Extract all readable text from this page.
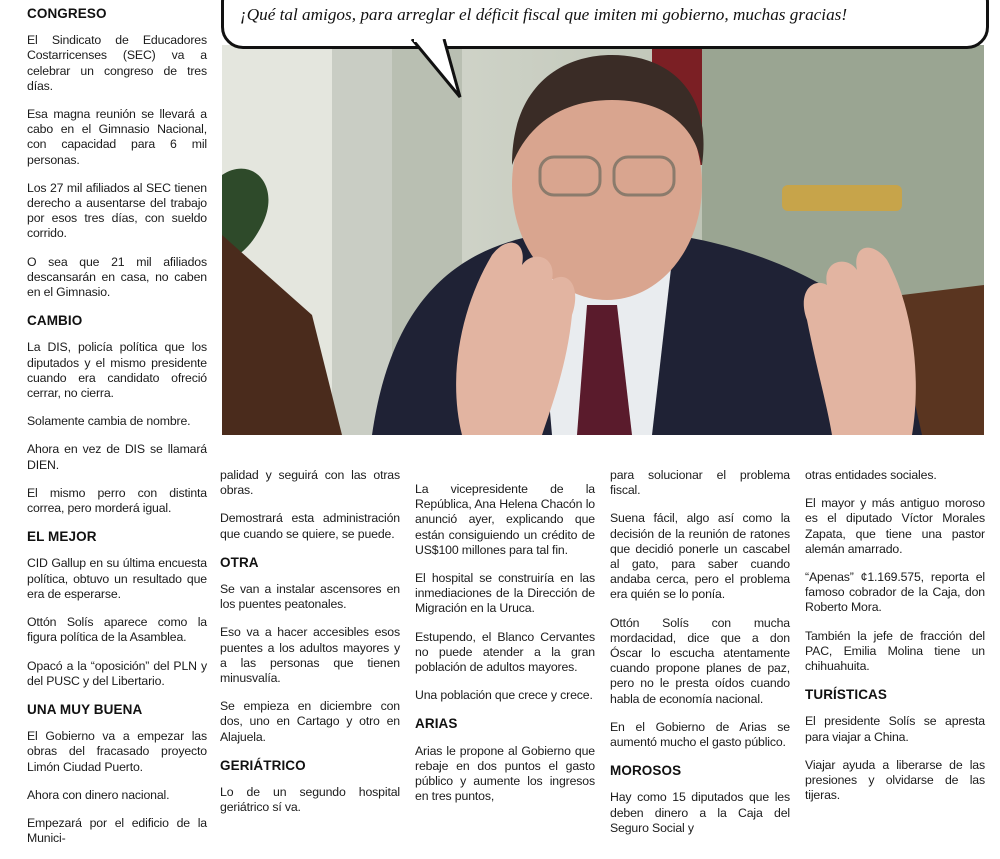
CONGRESO

El Sindicato de Educadores Costarricenses (SEC) va a celebrar un congreso de tres días.

Esa magna reunión se llevará a cabo en el Gimnasio Nacional, con capacidad para 6 mil personas.

Los 27 mil afiliados al SEC tienen derecho a ausentarse del trabajo por esos tres días, con sueldo corrido.

O sea que 21 mil afiliados descansarán en casa, no caben en el Gimnasio.

CAMBIO

La DIS, policía política que los diputados y el mismo presidente cuando era candidato ofreció cerrar, no cierra.

Solamente cambia de nombre.

Ahora en vez de DIS se llamará DIEN.

El mismo perro con distinta correa, pero morderá igual.

EL MEJOR

CID Gallup en su última encuesta política, obtuvo un resultado que era de esperarse.

Ottón Solís aparece como la figura política de la Asamblea.

Opacó a la “oposición” del PLN y del PUSC y del Libertario.

UNA MUY BUENA

El Gobierno va a empezar las obras del fracasado proyecto Limón Ciudad Puerto.

Ahora con dinero nacional.

Empezará por el edificio de la Munici-

¡Qué tal amigos, para arreglar el déficit fiscal que imiten mi gobierno, muchas gracias!

palidad y seguirá con las otras obras.

Demostrará esta administración que cuando se quiere, se puede.

OTRA

Se van a instalar ascensores en los puentes peatonales.

Eso va a hacer accesibles esos puentes a los adultos mayores y a las personas que tienen minusvalía.

Se empieza en diciembre con dos, uno en Cartago y otro en Alajuela.

GERIÁTRICO

Lo de un segundo hospital geriátrico sí va.

La vicepresidente de la República, Ana Helena Chacón lo anunció ayer, explicando que están consiguiendo un crédito de US$100 millones para tal fin.

El hospital se construiría en las inmediaciones de la Dirección de Migración en la Uruca.

Estupendo, el Blanco Cervantes no puede atender a la gran población de adultos mayores.

Una población que crece y crece.

ARIAS

Arias le propone al Gobierno que rebaje en dos puntos el gasto público y aumente los ingresos en tres puntos,

para solucionar el problema fiscal.

Suena fácil, algo así como la decisión de la reunión de ratones que decidió ponerle un cascabel al gato, para saber cuando andaba cerca, pero el problema era quién se lo ponía.

Ottón Solís con mucha mordacidad, dice que a don Óscar lo escucha atentamente cuando propone planes de paz, pero no le presta oídos cuando habla de economía nacional.

En el Gobierno de Arias se aumentó mucho el gasto público.

MOROSOS

Hay como 15 diputados que les deben dinero a la Caja del Seguro Social y

otras entidades sociales.

El mayor y más antiguo moroso es el diputado Víctor Morales Zapata, que tiene una pastor alemán amarrado.

“Apenas” ¢1.169.575, reporta el famoso cobrador de la Caja, don Roberto Mora.

También la jefe de fracción del PAC, Emilia Molina tiene un chihuahuita.

TURÍSTICAS

El presidente Solís se apresta para viajar a China.

Viajar ayuda a liberarse de las presiones y olvidarse de las tijeras.
